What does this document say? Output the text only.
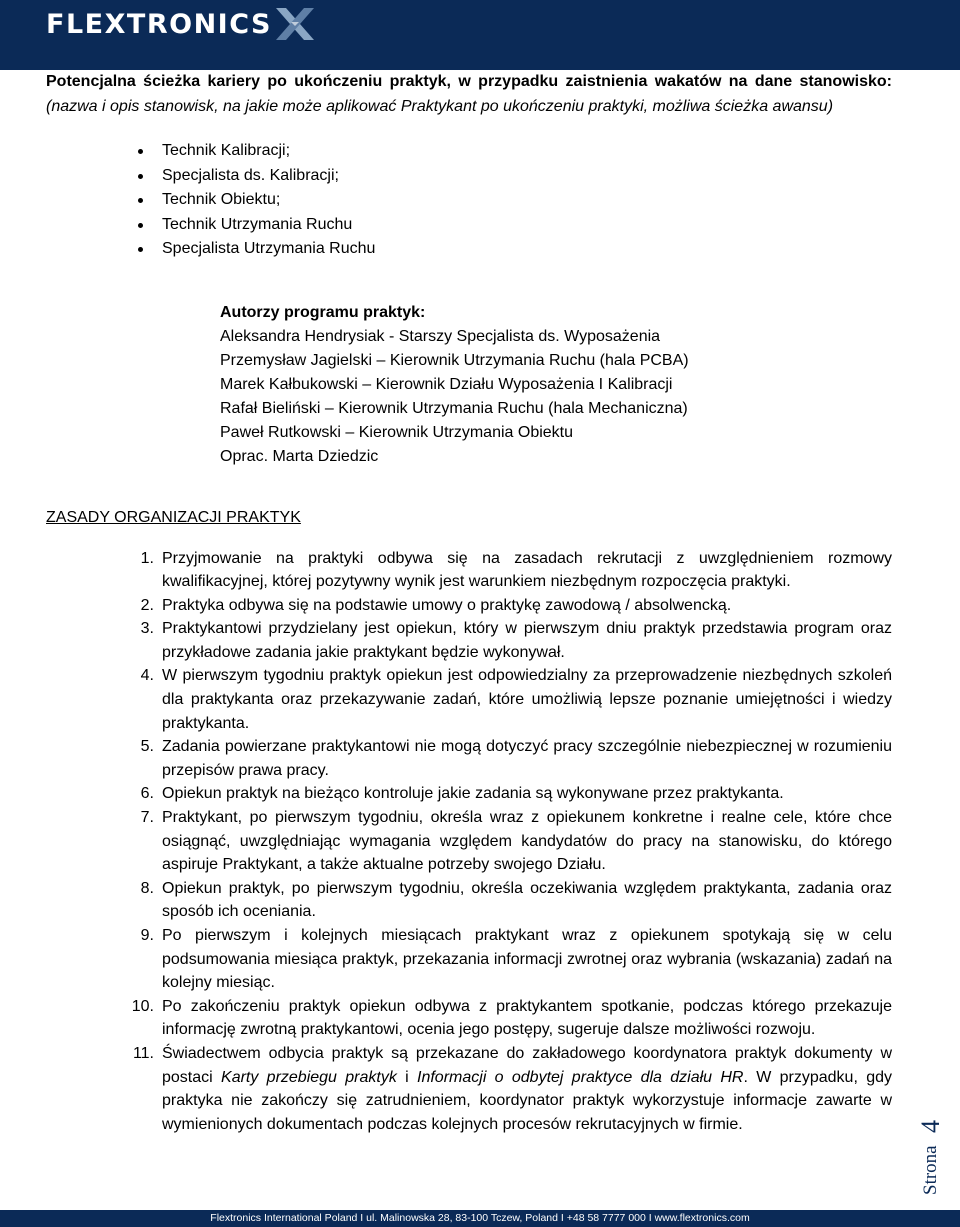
FLEXTRONICS
Potencjalna ścieżka kariery po ukończeniu praktyk, w przypadku zaistnienia wakatów na dane stanowisko: (nazwa i opis stanowisk, na jakie może aplikować Praktykant po ukończeniu praktyki, możliwa ścieżka awansu)
Technik Kalibracji;
Specjalista ds. Kalibracji;
Technik Obiektu;
Technik Utrzymania Ruchu
Specjalista Utrzymania Ruchu
Autorzy programu praktyk:
Aleksandra Hendrysiak - Starszy Specjalista ds. Wyposażenia
Przemysław Jagielski – Kierownik Utrzymania Ruchu (hala PCBA)
Marek Kałbukowski – Kierownik Działu Wyposażenia I Kalibracji
Rafał Bieliński – Kierownik Utrzymania Ruchu (hala Mechaniczna)
Paweł Rutkowski – Kierownik Utrzymania Obiektu
Oprac. Marta Dziedzic
ZASADY ORGANIZACJI PRAKTYK
1. Przyjmowanie na praktyki odbywa się na zasadach rekrutacji z uwzględnieniem rozmowy kwalifikacyjnej, której pozytywny wynik jest warunkiem niezbędnym rozpoczęcia praktyki.
2. Praktyka odbywa się na podstawie umowy o praktykę zawodową / absolwencką.
3. Praktykantowi przydzielany jest opiekun, który w pierwszym dniu praktyk przedstawia program oraz przykładowe zadania jakie praktykant będzie wykonywał.
4. W pierwszym tygodniu praktyk opiekun jest odpowiedzialny za przeprowadzenie niezbędnych szkoleń dla praktykanta oraz przekazywanie zadań, które umożliwią lepsze poznanie umiejętności i wiedzy praktykanta.
5. Zadania powierzane praktykantowi nie mogą dotyczyć pracy szczególnie niebezpiecznej w rozumieniu przepisów prawa pracy.
6. Opiekun praktyk na bieżąco kontroluje jakie zadania są wykonywane przez praktykanta.
7. Praktykant, po pierwszym tygodniu, określa wraz z opiekunem konkretne i realne cele, które chce osiągnąć, uwzględniając wymagania względem kandydatów do pracy na stanowisku, do którego aspiruje Praktykant, a także aktualne potrzeby swojego Działu.
8. Opiekun praktyk, po pierwszym tygodniu, określa oczekiwania względem praktykanta, zadania oraz sposób ich oceniania.
9. Po pierwszym i kolejnych miesiącach praktykant wraz z opiekunem spotykają się w celu podsumowania miesiąca praktyk, przekazania informacji zwrotnej oraz wybrania (wskazania) zadań na kolejny miesiąc.
10. Po zakończeniu praktyk opiekun odbywa z praktykantem spotkanie, podczas którego przekazuje informację zwrotną praktykantowi, ocenia jego postępy, sugeruje dalsze możliwości rozwoju.
11. Świadectwem odbycia praktyk są przekazane do zakładowego koordynatora praktyk dokumenty w postaci Karty przebiegu praktyk i Informacji o odbytej praktyce dla działu HR. W przypadku, gdy praktyka nie zakończy się zatrudnieniem, koordynator praktyk wykorzystuje informacje zawarte w wymienionych dokumentach podczas kolejnych procesów rekrutacyjnych w firmie.
Strona
4
Flextronics International Poland I ul. Malinowska 28, 83-100 Tczew, Poland I +48 58 7777 000 I www.flextronics.com
